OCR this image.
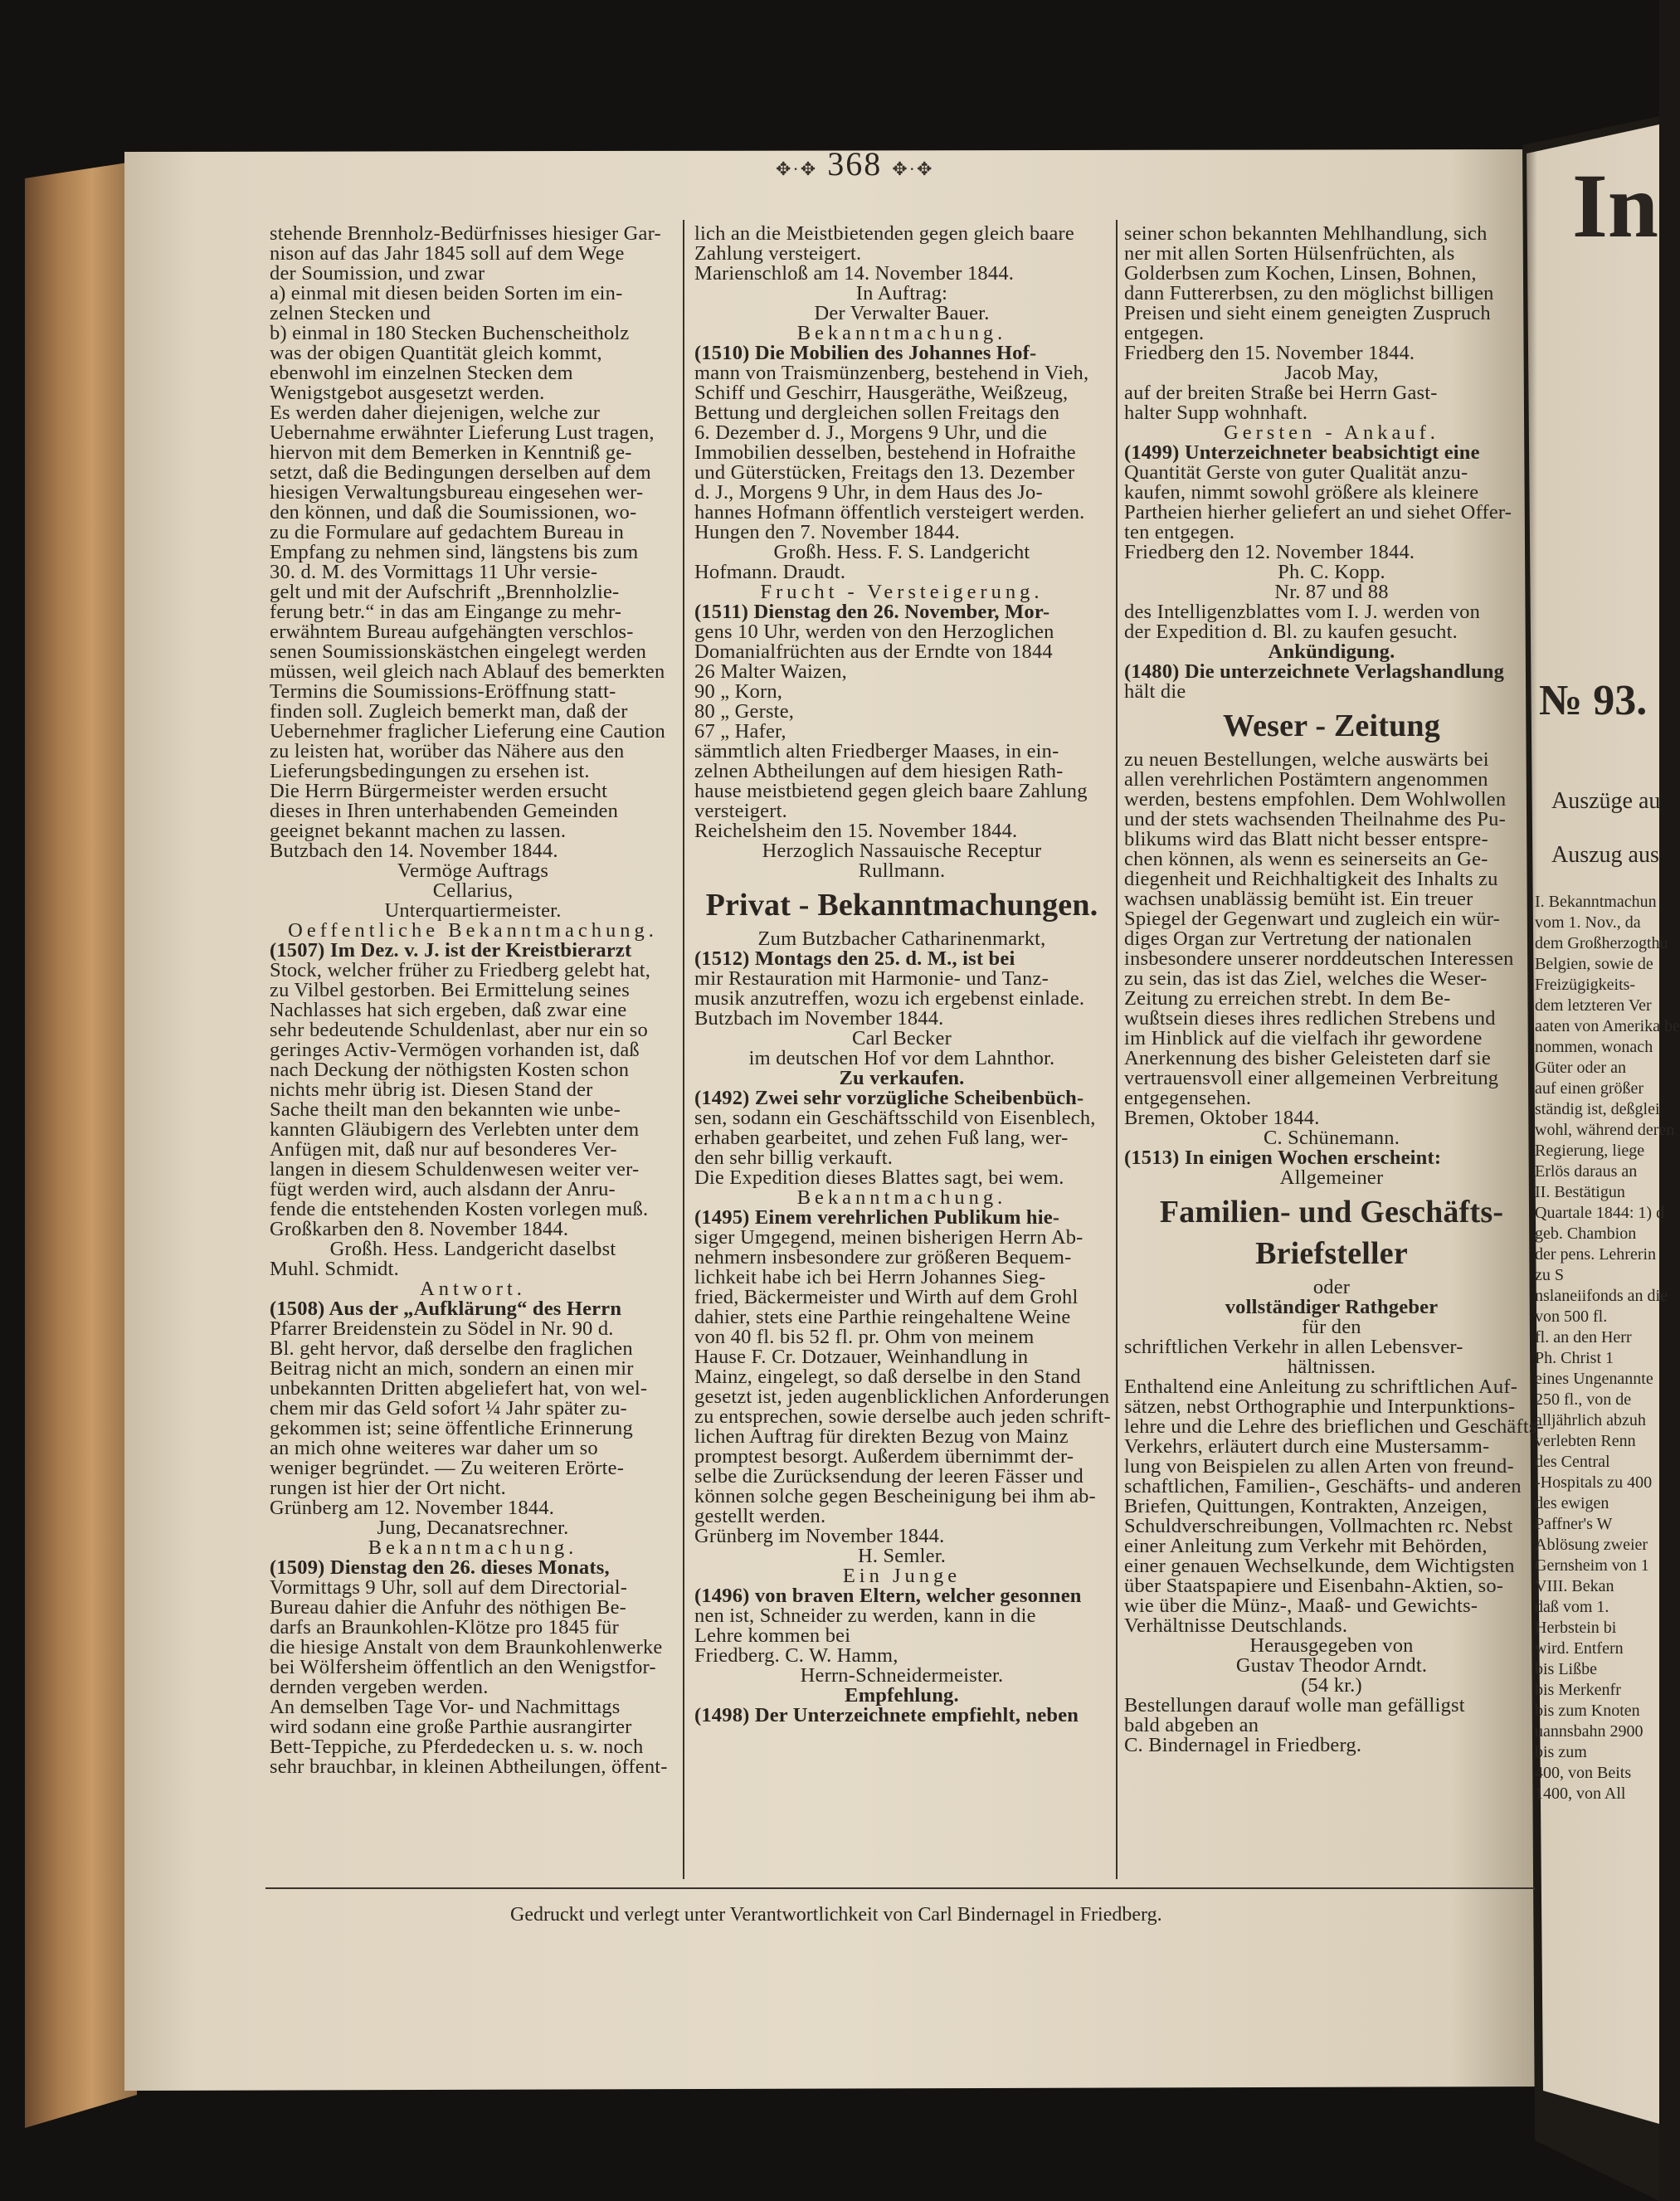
✥·✥ 368 ✥·✥
stehende Brennholz-Bedürfnisses hiesiger Gar-
nison auf das Jahr 1845 soll auf dem Wege
der Soumission, und zwar
a) einmal mit diesen beiden Sorten im ein-
zelnen Stecken und
b) einmal in 180 Stecken Buchenscheitholz
was der obigen Quantität gleich kommt,
ebenwohl im einzelnen Stecken dem
Wenigstgebot ausgesetzt werden.
Es werden daher diejenigen, welche zur
Uebernahme erwähnter Lieferung Lust tragen,
hiervon mit dem Bemerken in Kenntniß ge-
setzt, daß die Bedingungen derselben auf dem
hiesigen Verwaltungsbureau eingesehen wer-
den können, und daß die Soumissionen, wo-
zu die Formulare auf gedachtem Bureau in
Empfang zu nehmen sind, längstens bis zum
30. d. M. des Vormittags 11 Uhr versie-
gelt und mit der Aufschrift „Brennholzlie-
ferung betr.“ in das am Eingange zu mehr-
erwähntem Bureau aufgehängten verschlos-
senen Soumissionskästchen eingelegt werden
müssen, weil gleich nach Ablauf des bemerkten
Termins die Soumissions-Eröffnung statt-
finden soll. Zugleich bemerkt man, daß der
Uebernehmer fraglicher Lieferung eine Caution
zu leisten hat, worüber das Nähere aus den
Lieferungsbedingungen zu ersehen ist.
Die Herrn Bürgermeister werden ersucht
dieses in Ihren unterhabenden Gemeinden
geeignet bekannt machen zu lassen.
Butzbach den 14. November 1844.
Vermöge Auftrags
Cellarius,
Unterquartiermeister.
Oeffentliche Bekanntmachung.
(1507) Im Dez. v. J. ist der Kreistbierarzt
Stock, welcher früher zu Friedberg gelebt hat,
zu Vilbel gestorben. Bei Ermittelung seines
Nachlasses hat sich ergeben, daß zwar eine
sehr bedeutende Schuldenlast, aber nur ein so
geringes Activ-Vermögen vorhanden ist, daß
nach Deckung der nöthigsten Kosten schon
nichts mehr übrig ist. Diesen Stand der
Sache theilt man den bekannten wie unbe-
kannten Gläubigern des Verlebten unter dem
Anfügen mit, daß nur auf besonderes Ver-
langen in diesem Schuldenwesen weiter ver-
fügt werden wird, auch alsdann der Anru-
fende die entstehenden Kosten vorlegen muß.
Großkarben den 8. November 1844.
Großh. Hess. Landgericht daselbst
Muhl. Schmidt.
Antwort.
(1508) Aus der „Aufklärung“ des Herrn
Pfarrer Breidenstein zu Södel in Nr. 90 d.
Bl. geht hervor, daß derselbe den fraglichen
Beitrag nicht an mich, sondern an einen mir
unbekannten Dritten abgeliefert hat, von wel-
chem mir das Geld sofort ¼ Jahr später zu-
gekommen ist; seine öffentliche Erinnerung
an mich ohne weiteres war daher um so
weniger begründet. — Zu weiteren Erörte-
rungen ist hier der Ort nicht.
Grünberg am 12. November 1844.
Jung, Decanatsrechner.
Bekanntmachung.
(1509) Dienstag den 26. dieses Monats,
Vormittags 9 Uhr, soll auf dem Directorial-
Bureau dahier die Anfuhr des nöthigen Be-
darfs an Braunkohlen-Klötze pro 1845 für
die hiesige Anstalt von dem Braunkohlenwerke
bei Wölfersheim öffentlich an den Wenigstfor-
dernden vergeben werden.
An demselben Tage Vor- und Nachmittags
wird sodann eine große Parthie ausrangirter
Bett-Teppiche, zu Pferdedecken u. s. w. noch
sehr brauchbar, in kleinen Abtheilungen, öffent-
lich an die Meistbietenden gegen gleich baare
Zahlung versteigert.
Marienschloß am 14. November 1844.
In Auftrag:
Der Verwalter Bauer.
Bekanntmachung.
(1510) Die Mobilien des Johannes Hof-
mann von Traismünzenberg, bestehend in Vieh,
Schiff und Geschirr, Hausgeräthe, Weißzeug,
Bettung und dergleichen sollen Freitags den
6. Dezember d. J., Morgens 9 Uhr, und die
Immobilien desselben, bestehend in Hofraithe
und Güterstücken, Freitags den 13. Dezember
d. J., Morgens 9 Uhr, in dem Haus des Jo-
hannes Hofmann öffentlich versteigert werden.
Hungen den 7. November 1844.
Großh. Hess. F. S. Landgericht
Hofmann. Draudt.
Frucht - Versteigerung.
(1511) Dienstag den 26. November, Mor-
gens 10 Uhr, werden von den Herzoglichen
Domanialfrüchten aus der Erndte von 1844
26 Malter Waizen,
90 „ Korn,
80 „ Gerste,
67 „ Hafer,
sämmtlich alten Friedberger Maases, in ein-
zelnen Abtheilungen auf dem hiesigen Rath-
hause meistbietend gegen gleich baare Zahlung
versteigert.
Reichelsheim den 15. November 1844.
Herzoglich Nassauische Receptur
Rullmann.
Privat - Bekanntmachungen.
Zum Butzbacher Catharinenmarkt,
(1512) Montags den 25. d. M., ist bei
mir Restauration mit Harmonie- und Tanz-
musik anzutreffen, wozu ich ergebenst einlade.
Butzbach im November 1844.
Carl Becker
im deutschen Hof vor dem Lahnthor.
Zu verkaufen.
(1492) Zwei sehr vorzügliche Scheibenbüch-
sen, sodann ein Geschäftsschild von Eisenblech,
erhaben gearbeitet, und zehen Fuß lang, wer-
den sehr billig verkauft.
Die Expedition dieses Blattes sagt, bei wem.
Bekanntmachung.
(1495) Einem verehrlichen Publikum hie-
siger Umgegend, meinen bisherigen Herrn Ab-
nehmern insbesondere zur größeren Bequem-
lichkeit habe ich bei Herrn Johannes Sieg-
fried, Bäckermeister und Wirth auf dem Grohl
dahier, stets eine Parthie reingehaltene Weine
von 40 fl. bis 52 fl. pr. Ohm von meinem
Hause F. Cr. Dotzauer, Weinhandlung in
Mainz, eingelegt, so daß derselbe in den Stand
gesetzt ist, jeden augenblicklichen Anforderungen
zu entsprechen, sowie derselbe auch jeden schrift-
lichen Auftrag für direkten Bezug von Mainz
promptest besorgt. Außerdem übernimmt der-
selbe die Zurücksendung der leeren Fässer und
können solche gegen Bescheinigung bei ihm ab-
gestellt werden.
Grünberg im November 1844.
H. Semler.
Ein Junge
(1496) von braven Eltern, welcher gesonnen
nen ist, Schneider zu werden, kann in die
Lehre kommen bei
Friedberg. C. W. Hamm,
Herrn-Schneidermeister.
Empfehlung.
(1498) Der Unterzeichnete empfiehlt, neben
seiner schon bekannten Mehlhandlung, sich
ner mit allen Sorten Hülsenfrüchten, als
Golderbsen zum Kochen, Linsen, Bohnen,
dann Futtererbsen, zu den möglichst billigen
Preisen und sieht einem geneigten Zuspruch
entgegen.
Friedberg den 15. November 1844.
Jacob May,
auf der breiten Straße bei Herrn Gast-
halter Supp wohnhaft.
Gersten - Ankauf.
(1499) Unterzeichneter beabsichtigt eine
Quantität Gerste von guter Qualität anzu-
kaufen, nimmt sowohl größere als kleinere
Partheien hierher geliefert an und siehet Offer-
ten entgegen.
Friedberg den 12. November 1844.
Ph. C. Kopp.
Nr. 87 und 88
des Intelligenzblattes vom I. J. werden von
der Expedition d. Bl. zu kaufen gesucht.
Ankündigung.
(1480) Die unterzeichnete Verlagshandlung
hält die
Weser - Zeitung
zu neuen Bestellungen, welche auswärts bei
allen verehrlichen Postämtern angenommen
werden, bestens empfohlen. Dem Wohlwollen
und der stets wachsenden Theilnahme des Pu-
blikums wird das Blatt nicht besser entspre-
chen können, als wenn es seinerseits an Ge-
diegenheit und Reichhaltigkeit des Inhalts zu
wachsen unablässig bemüht ist. Ein treuer
Spiegel der Gegenwart und zugleich ein wür-
diges Organ zur Vertretung der nationalen
insbesondere unserer norddeutschen Interessen
zu sein, das ist das Ziel, welches die Weser-
Zeitung zu erreichen strebt. In dem Be-
wußtsein dieses ihres redlichen Strebens und
im Hinblick auf die vielfach ihr gewordene
Anerkennung des bisher Geleisteten darf sie
vertrauensvoll einer allgemeinen Verbreitung
entgegensehen.
Bremen, Oktober 1844.
C. Schünemann.
(1513) In einigen Wochen erscheint:
Allgemeiner
Familien- und Geschäfts-
Briefsteller
oder
vollständiger Rathgeber
für den
schriftlichen Verkehr in allen Lebensver-
hältnissen.
Enthaltend eine Anleitung zu schriftlichen Auf-
sätzen, nebst Orthographie und Interpunktions-
lehre und die Lehre des brieflichen und Geschäfts-
Verkehrs, erläutert durch eine Mustersamm-
lung von Beispielen zu allen Arten von freund-
schaftlichen, Familien-, Geschäfts- und anderen
Briefen, Quittungen, Kontrakten, Anzeigen,
Schuldverschreibungen, Vollmachten rc. Nebst
einer Anleitung zum Verkehr mit Behörden,
einer genauen Wechselkunde, dem Wichtigsten
über Staatspapiere und Eisenbahn-Aktien, so-
wie über die Münz-, Maaß- und Gewichts-
Verhältnisse Deutschlands.
Herausgegeben von
Gustav Theodor Arndt.
(54 kr.)
Bestellungen darauf wolle man gefälligst
bald abgeben an
C. Bindernagel in Friedberg.
Gedruckt und verlegt unter Verantwortlichkeit von Carl Bindernagel in Friedberg.
In
№ 93.
Auszüge au
Auszug aus
I. Bekanntmachun
vom 1. Nov., da
dem Großherzogthu
Belgien, sowie de
Freizügigkeits-
dem letzteren Ver
aaten von Amerika be
nommen, wonach
Güter oder an
auf einen größer
ständig ist, deßglei
wohl, während deren
Regierung, liege
Erlös daraus an
II. Bestätigun
Quartale 1844: 1) d
geb. Chambion
der pens. Lehrerin
zu S
nslaneiifonds an die
von 500 fl.
fl. an den Herr
Ph. Christ 1
eines Ungenannte
250 fl., von de
alljährlich abzuh
verlebten Renn
des Central
-Hospitals zu 400
des ewigen
Paffner's W
Ablösung zweier
Gernsheim von 1
VIII. Bekan
daß vom 1.
Herbstein bi
wird. Entfern
bis Lißbe
bis Merkenfr
bis zum Knoten
uannsbahn 2900
bis zum
400, von Beits
1400, von All
